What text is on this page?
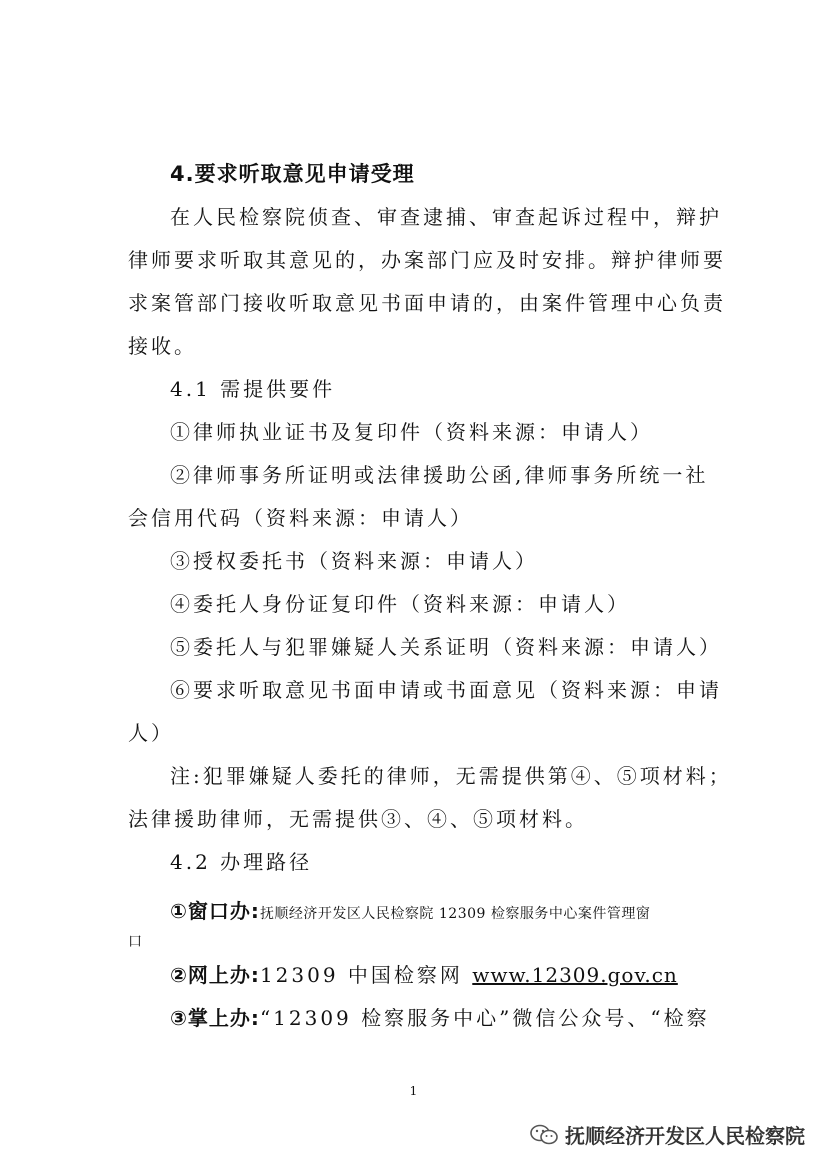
4.要求听取意见申请受理
在人民检察院侦查、审查逮捕、审查起诉过程中，辩护
律师要求听取其意见的，办案部门应及时安排。辩护律师要
求案管部门接收听取意见书面申请的，由案件管理中心负责
接收。
4.1 需提供要件
①律师执业证书及复印件（资料来源：申请人）
②律师事务所证明或法律援助公函,律师事务所统一社
会信用代码（资料来源：申请人）
③授权委托书（资料来源：申请人）
④委托人身份证复印件（资料来源：申请人）
⑤委托人与犯罪嫌疑人关系证明（资料来源：申请人）
⑥要求听取意见书面申请或书面意见（资料来源：申请
人）
注:犯罪嫌疑人委托的律师，无需提供第④、⑤项材料；
法律援助律师，无需提供③、④、⑤项材料。
4.2 办理路径
①窗口办:抚顺经济开发区人民检察院 12309 检察服务中心案件管理窗
口
②网上办:12309 中国检察网 www.12309.gov.cn
③掌上办:“12309 检察服务中心”微信公众号、“检察
1
抚顺经济开发区人民检察院
